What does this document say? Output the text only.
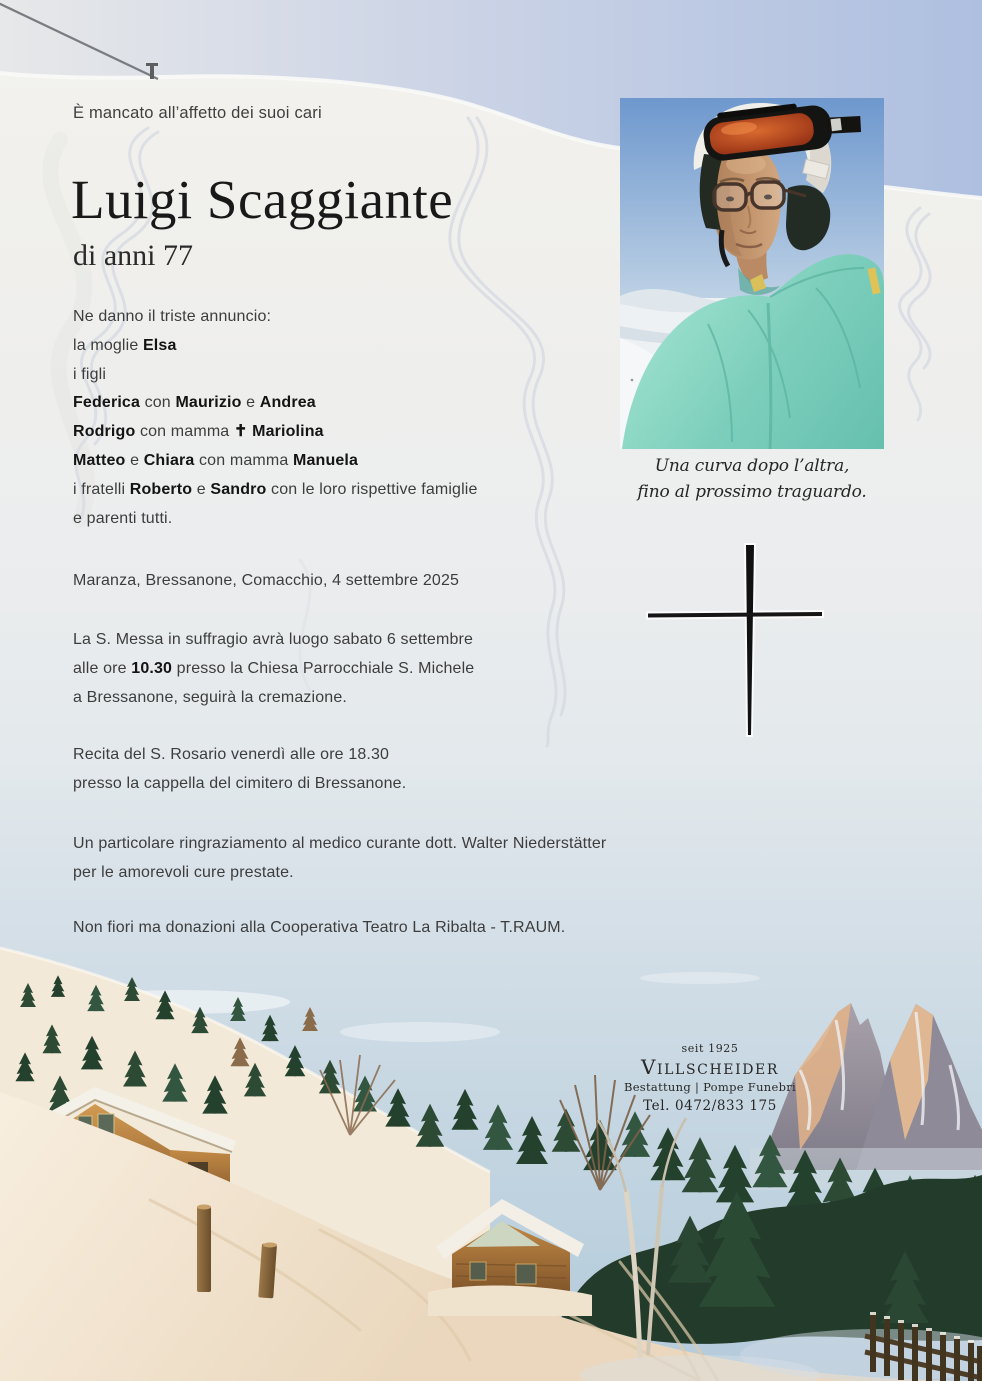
È mancato all’affetto dei suoi cari
Luigi Scaggiante
di anni 77
Ne danno il triste annuncio:
la moglie Elsa
i figli
Federica con Maurizio e Andrea
Rodrigo con mamma ✝ Mariolina
Matteo e Chiara con mamma Manuela
i fratelli Roberto e Sandro con le loro rispettive famiglie
e parenti tutti.
Maranza, Bressanone, Comacchio, 4 settembre 2025
La S. Messa in suffragio avrà luogo sabato 6 settembre
alle ore 10.30 presso la Chiesa Parrocchiale S. Michele
a Bressanone, seguirà la cremazione.
Recita del S. Rosario venerdì alle ore 18.30
presso la cappella del cimitero di Bressanone.
Un particolare ringraziamento al medico curante dott. Walter Niederstätter
per le amorevoli cure prestate.
Non fiori ma donazioni alla Cooperativa Teatro La Ribalta - T.RAUM.
Una curva dopo l’altra,
fino al prossimo traguardo.
seit 1925
Villscheider
Bestattung | Pompe Funebri
Tel. 0472/833 175
